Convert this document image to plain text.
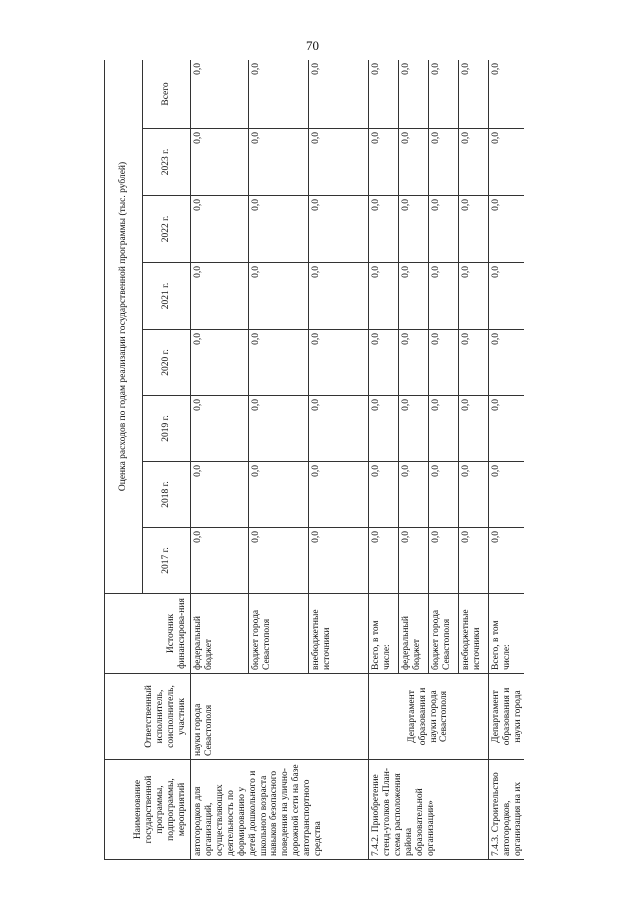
70
Наименование государственной программы, подпрограммы, мероприятий	Ответственный исполнитель, соисполнитель, участник	Источник финансирова-ния	Оценка расходов по годам реализации государственной программы (тыс. рублей)							
			2017 г.	2018 г.	2019 г.	2020 г.	2021 г.	2022 г.	2023 г.	Всего
автогородков для организаций, осуществляющих деятельность по формированию у детей дошкольного и школьного возраста навыков безопасного поведения на улично-дорожной сети на базе автотранспортного средства	науки города Севастополя	федеральный бюджет	0,0	0,0	0,0	0,0	0,0	0,0	0,0	0,0
		бюджет города Севастополя	0,0	0,0	0,0	0,0	0,0	0,0	0,0	0,0
		внебюджетные источники	0,0	0,0	0,0	0,0	0,0	0,0	0,0	0,0
7.4.2. Приобретение стенд-уголков «План-схема расположения района образовательной организации»	Департамент образования и науки города Севастополя	Всего, в том числе:	0,0	0,0	0,0	0,0	0,0	0,0	0,0	0,0
		федеральный бюджет	0,0	0,0	0,0	0,0	0,0	0,0	0,0	0,0
		бюджет города Севастополя	0,0	0,0	0,0	0,0	0,0	0,0	0,0	0,0
		внебюджетные источники	0,0	0,0	0,0	0,0	0,0	0,0	0,0	0,0
7.4.3. Строительство автогородков, организация на их	Департамент образования и науки города	Всего, в том числе:	0,0	0,0	0,0	0,0	0,0	0,0	0,0	0,0
